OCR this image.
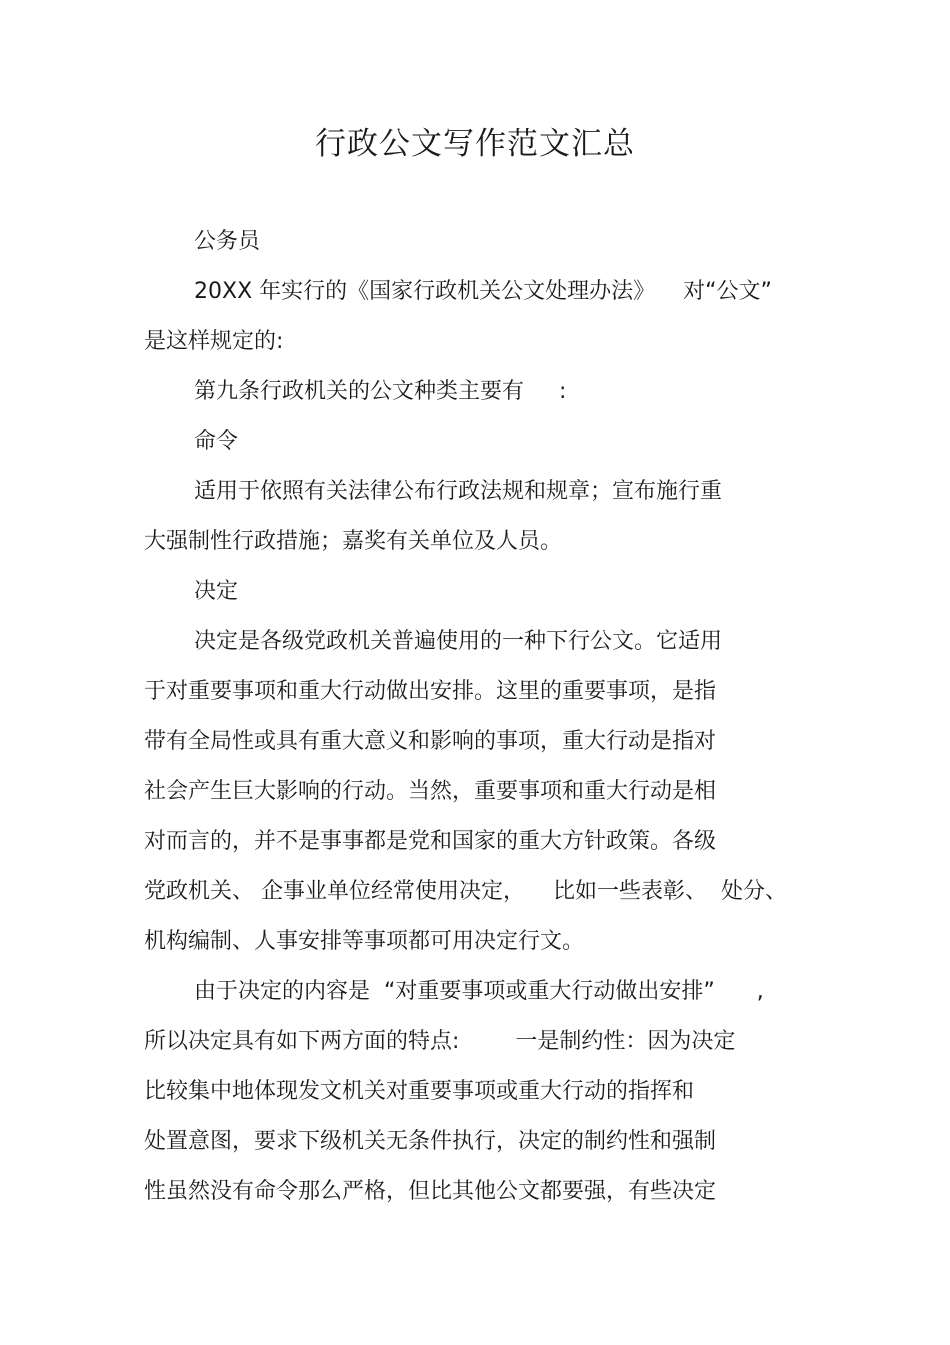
行政公文写作范文汇总
公务员
20XX 年实行的《国家行政机关公文处理办法》    对“公文”
是这样规定的:
第九条行政机关的公文种类主要有     :
命令
适用于依照有关法律公布行政法规和规章；宣布施行重
大强制性行政措施；嘉奖有关单位及人员。
决定
决定是各级党政机关普遍使用的一种下行公文。它适用
于对重要事项和重大行动做出安排。这里的重要事项，是指
带有全局性或具有重大意义和影响的事项，重大行动是指对
社会产生巨大影响的行动。当然，重要事项和重大行动是相
对而言的，并不是事事都是党和国家的重大方针政策。各级
党政机关、 企事业单位经常使用决定，    比如一些表彰、  处分、
机构编制、人事安排等事项都可用决定行文。
由于决定的内容是  “对重要事项或重大行动做出安排”      ,
所以决定具有如下两方面的特点:        一是制约性：因为决定
比较集中地体现发文机关对重要事项或重大行动的指挥和
处置意图，要求下级机关无条件执行，决定的制约性和强制
性虽然没有命令那么严格，但比其他公文都要强，有些决定
